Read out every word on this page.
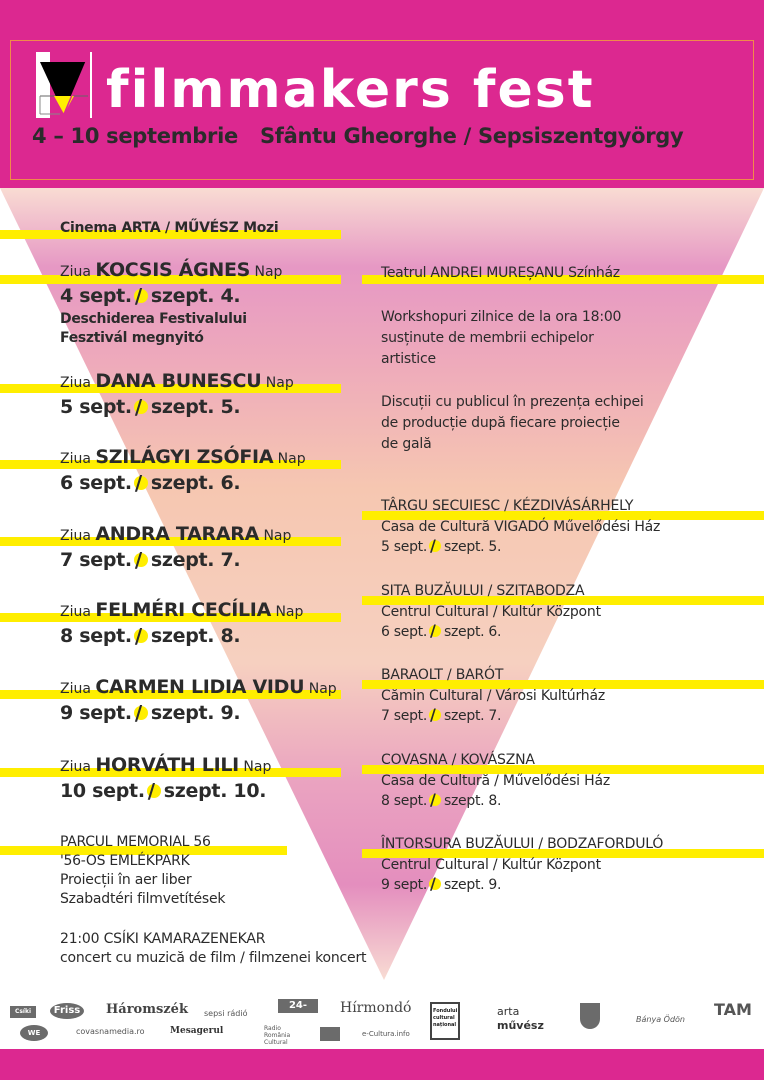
filmmakers fest
4 – 10 septembrie Sfântu Gheorghe / Sepsiszentgyörgy
Cinema ARTA / MŰVÉSZ Mozi
Ziua KOCSIS ÁGNES Nap
4 sept. / szept. 4.
Deschiderea Festivalului
Fesztivál megnyitó
Ziua DANA BUNESCU Nap
5 sept. / szept. 5.
Ziua SZILÁGYI ZSÓFIA Nap
6 sept. / szept. 6.
Ziua ANDRA TARARA Nap
7 sept. / szept. 7.
Ziua FELMÉRI CECÍLIA Nap
8 sept. / szept. 8.
Ziua CARMEN LIDIA VIDU Nap
9 sept. / szept. 9.
Ziua HORVÁTH LILI Nap
10 sept. / szept. 10.
PARCUL MEMORIAL 56
'56-OS EMLÉKPARK
Proiecții în aer liber
Szabadtéri filmvetítések
21:00 CSÍKI KAMARAZENEKAR
concert cu muzică de film / filmzenei koncert
Teatrul ANDREI MUREȘANU Színház
Workshopuri zilnice de la ora 18:00
susținute de membrii echipelor
artistice
Discuții cu publicul în prezența echipei
de producție după fiecare proiecție
de gală
TÂRGU SECUIESC / KÉZDIVÁSÁRHELY
Casa de Cultură VIGADÓ Művelődési Ház
5 sept. / szept. 5.
SITA BUZĂULUI / SZITABODZA
Centrul Cultural / Kultúr Központ
6 sept. / szept. 6.
BARAOLT / BARÓT
Cămin Cultural / Városi Kultúrház
7 sept. / szept. 7.
COVASNA / KOVÁSZNA
Casa de Cultură / Művelődési Ház
8 sept. / szept. 8.
ÎNTORSURA BUZĂULUI / BODZAFORDULÓ
Centrul Cultural / Kultúr Központ
9 sept. / szept. 9.
Csíki	Friss Háromszék sepsi rádió
24-FUN
Hírmondó	Fondului cultural național
arta
művész	Bánya Ödön
TAM
WE	covasnamedia.ro	Mesagerul	Radio România Cultural
e-Cultura.info
